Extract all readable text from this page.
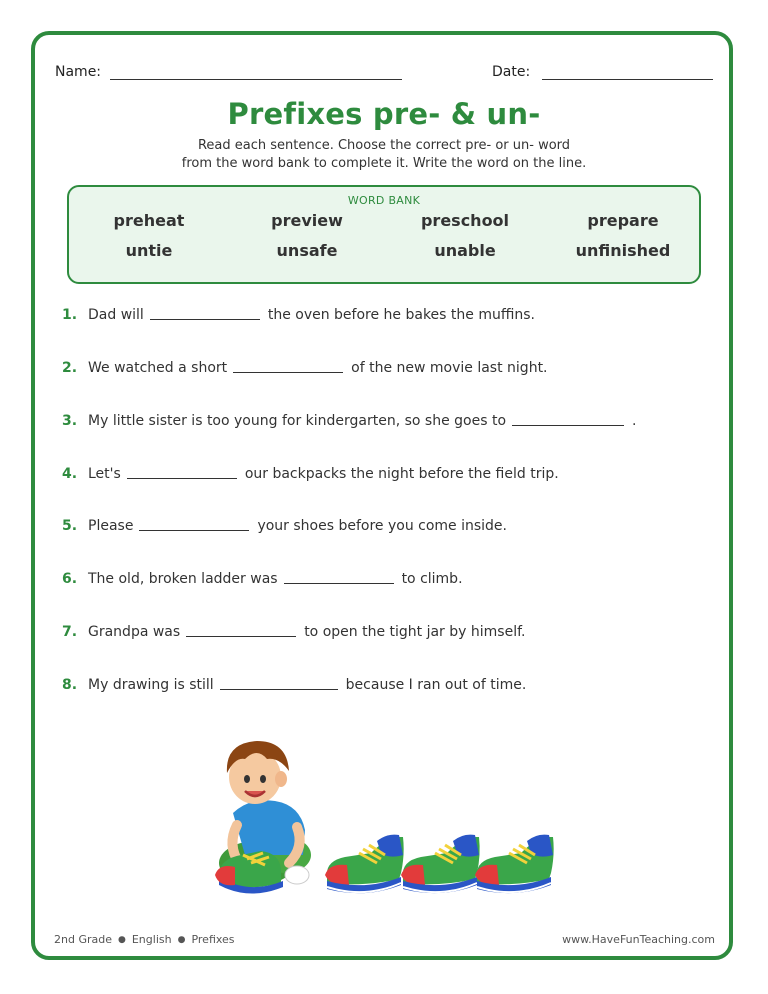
Name:	Date:
Prefixes pre- & un-
Read each sentence. Choose the correct pre- or un- word
from the word bank to complete it. Write the word on the line.
WORD BANK
preheat	preview	preschool	prepare
untie	unsafe	unable	unfinished
1. Dad will	the oven before he bakes the muffins.
2. We watched a short	of the new movie last night.
3. My little sister is too young for kindergarten, so she goes to	.
4. Let's	our backpacks the night before the field trip.
5. Please	your shoes before you come inside.
6. The old, broken ladder was	to climb.
7. Grandpa was	to open the tight jar by himself.
8. My drawing is still	because I ran out of time.
2nd Grade ● English ● Prefixes	www.HaveFunTeaching.com
